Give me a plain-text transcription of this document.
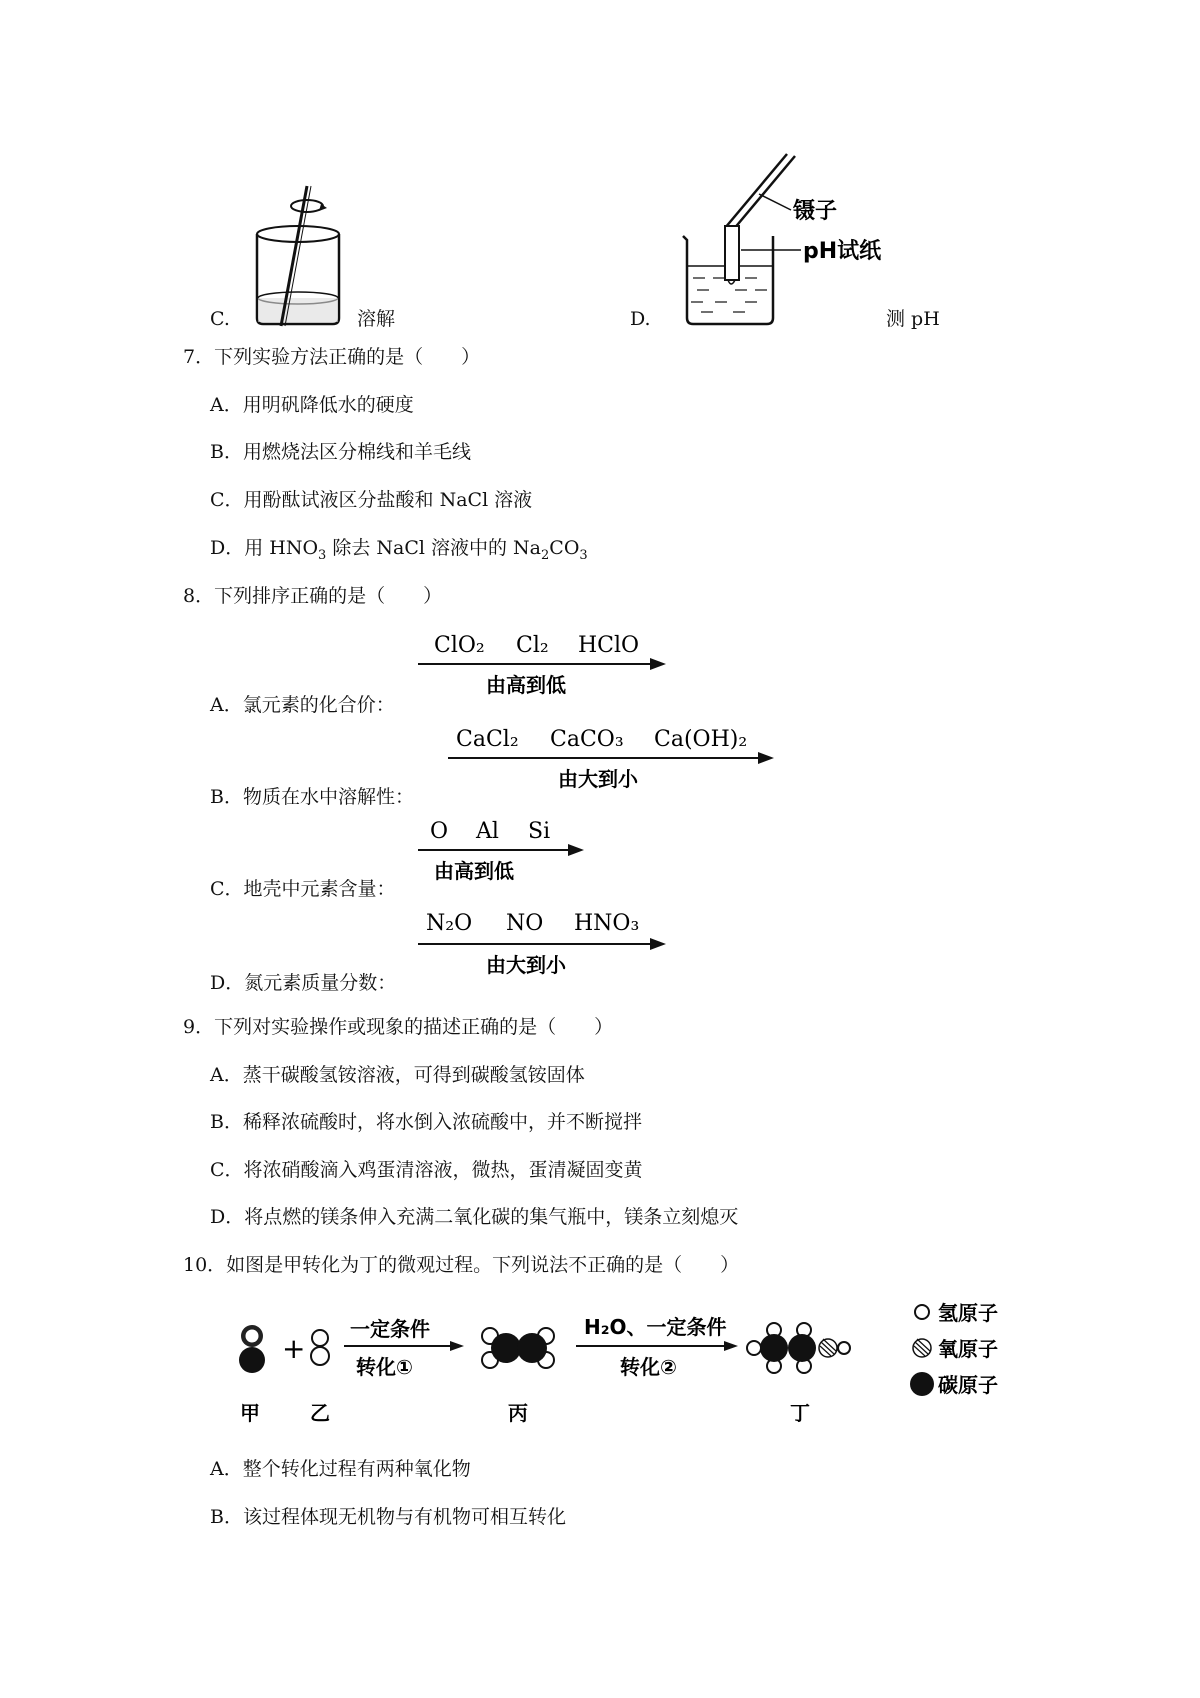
C.	溶解	D.
镊子
pH试纸
测 pH
7．下列实验方法正确的是（　　）
A．用明矾降低水的硬度
B．用燃烧法区分棉线和羊毛线
C．用酚酞试液区分盐酸和 NaCl 溶液
D．用 $HNO_3$ 除去 NaCl 溶液中的 $Na_2CO_3$
8．下列排序正确的是（　　）
A．氯元素的化合价：
ClO₂ Cl₂ HClO
由高到低
B．物质在水中溶解性：
CaCl₂ CaCO₃ Ca(OH)₂
由大到小
C．地壳中元素含量：
O Al Si
由高到低
D．氮元素质量分数：
N₂O NO HNO₃
由大到小
9．下列对实验操作或现象的描述正确的是（　　）
A．蒸干碳酸氢铵溶液，可得到碳酸氢铵固体
B．稀释浓硫酸时，将水倒入浓硫酸中，并不断搅拌
C．将浓硝酸滴入鸡蛋清溶液，微热，蛋清凝固变黄
D．将点燃的镁条伸入充满二氧化碳的集气瓶中，镁条立刻熄灭
10．如图是甲转化为丁的微观过程。下列说法不正确的是（　　）
+
一定条件
转化①
H₂O、一定条件
转化②
甲	乙	丙	丁
氢原子
氧原子
碳原子
A．整个转化过程有两种氧化物
B．该过程体现无机物与有机物可相互转化
